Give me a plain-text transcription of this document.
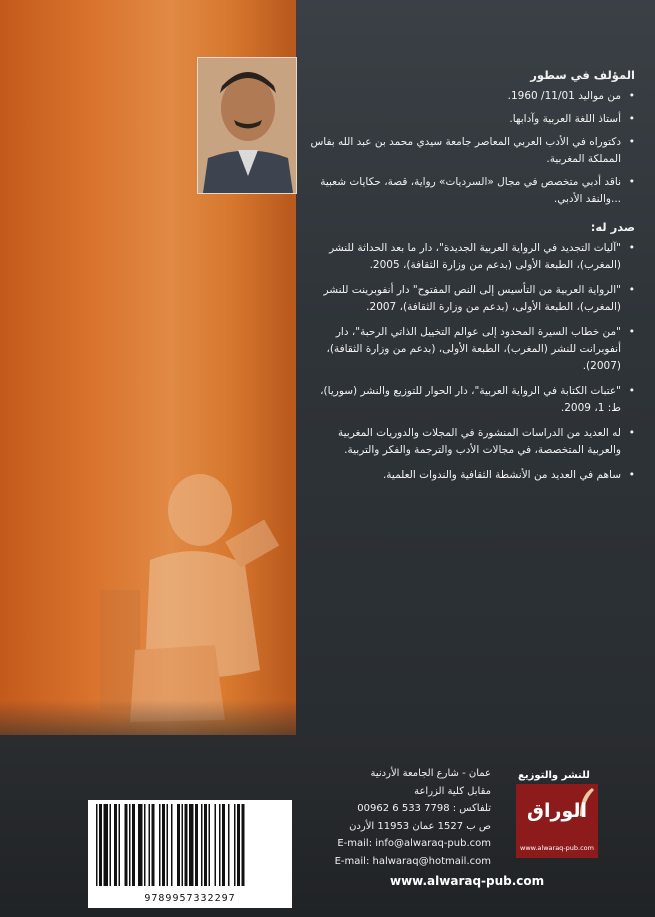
المؤلف في سطور
• من مواليد 11/01/ 1960.
• أستاذ اللغة العربية وآدابها.
• دكتوراه في الأدب العربي المعاصر جامعة سيدي محمد بن عبد الله بفاس المملكة المغربية.
• ناقد أدبي متخصص في مجال «السرديات» رواية، قصة، حكايات شعبية ...والنقد الأدبي.
صدر له:
• "آليات التجديد في الرواية العربية الجديدة"، دار ما بعد الحداثة للنشر (المغرب)، الطبعة الأولى (بدعم من وزارة الثقافة)، 2005.
• "الرواية العربية من التأسيس إلى النص المفتوح" دار أنفوبرينت للنشر (المغرب)، الطبعة الأولى، (بدعم من وزارة الثقافة)، 2007.
• "من خطاب السيرة المحدود إلى عوالم التخييل الذاتي الرحبة"، دار أنفوبرانت للنشر (المغرب)، الطبعة الأولى، (بدعم من وزارة الثقافة)، (2007).
• "عتبات الكتابة في الرواية العربية"، دار الحوار للتوزيع والنشر (سوريا)، ط: 1، 2009.
• له العديد من الدراسات المنشورة في المجلات والدوريات المغربية والعربية المتخصصة، في مجالات الأدب والترجمة والفكر والتربية.
• ساهم في العديد من الأنشطة الثقافية والندوات العلمية.
عمان - شارع الجامعة الأردنية
مقابل كلية الزراعة
تلفاكس : 7798 533 6 00962
ص ب 1527 عمان 11953 الأردن
E-mail: info@alwaraq-pub.com
E-mail: halwaraq@hotmail.com
www.alwaraq-pub.com
9789957332297
للنشر والتوزيع
الوراق
www.alwaraq-pub.com
